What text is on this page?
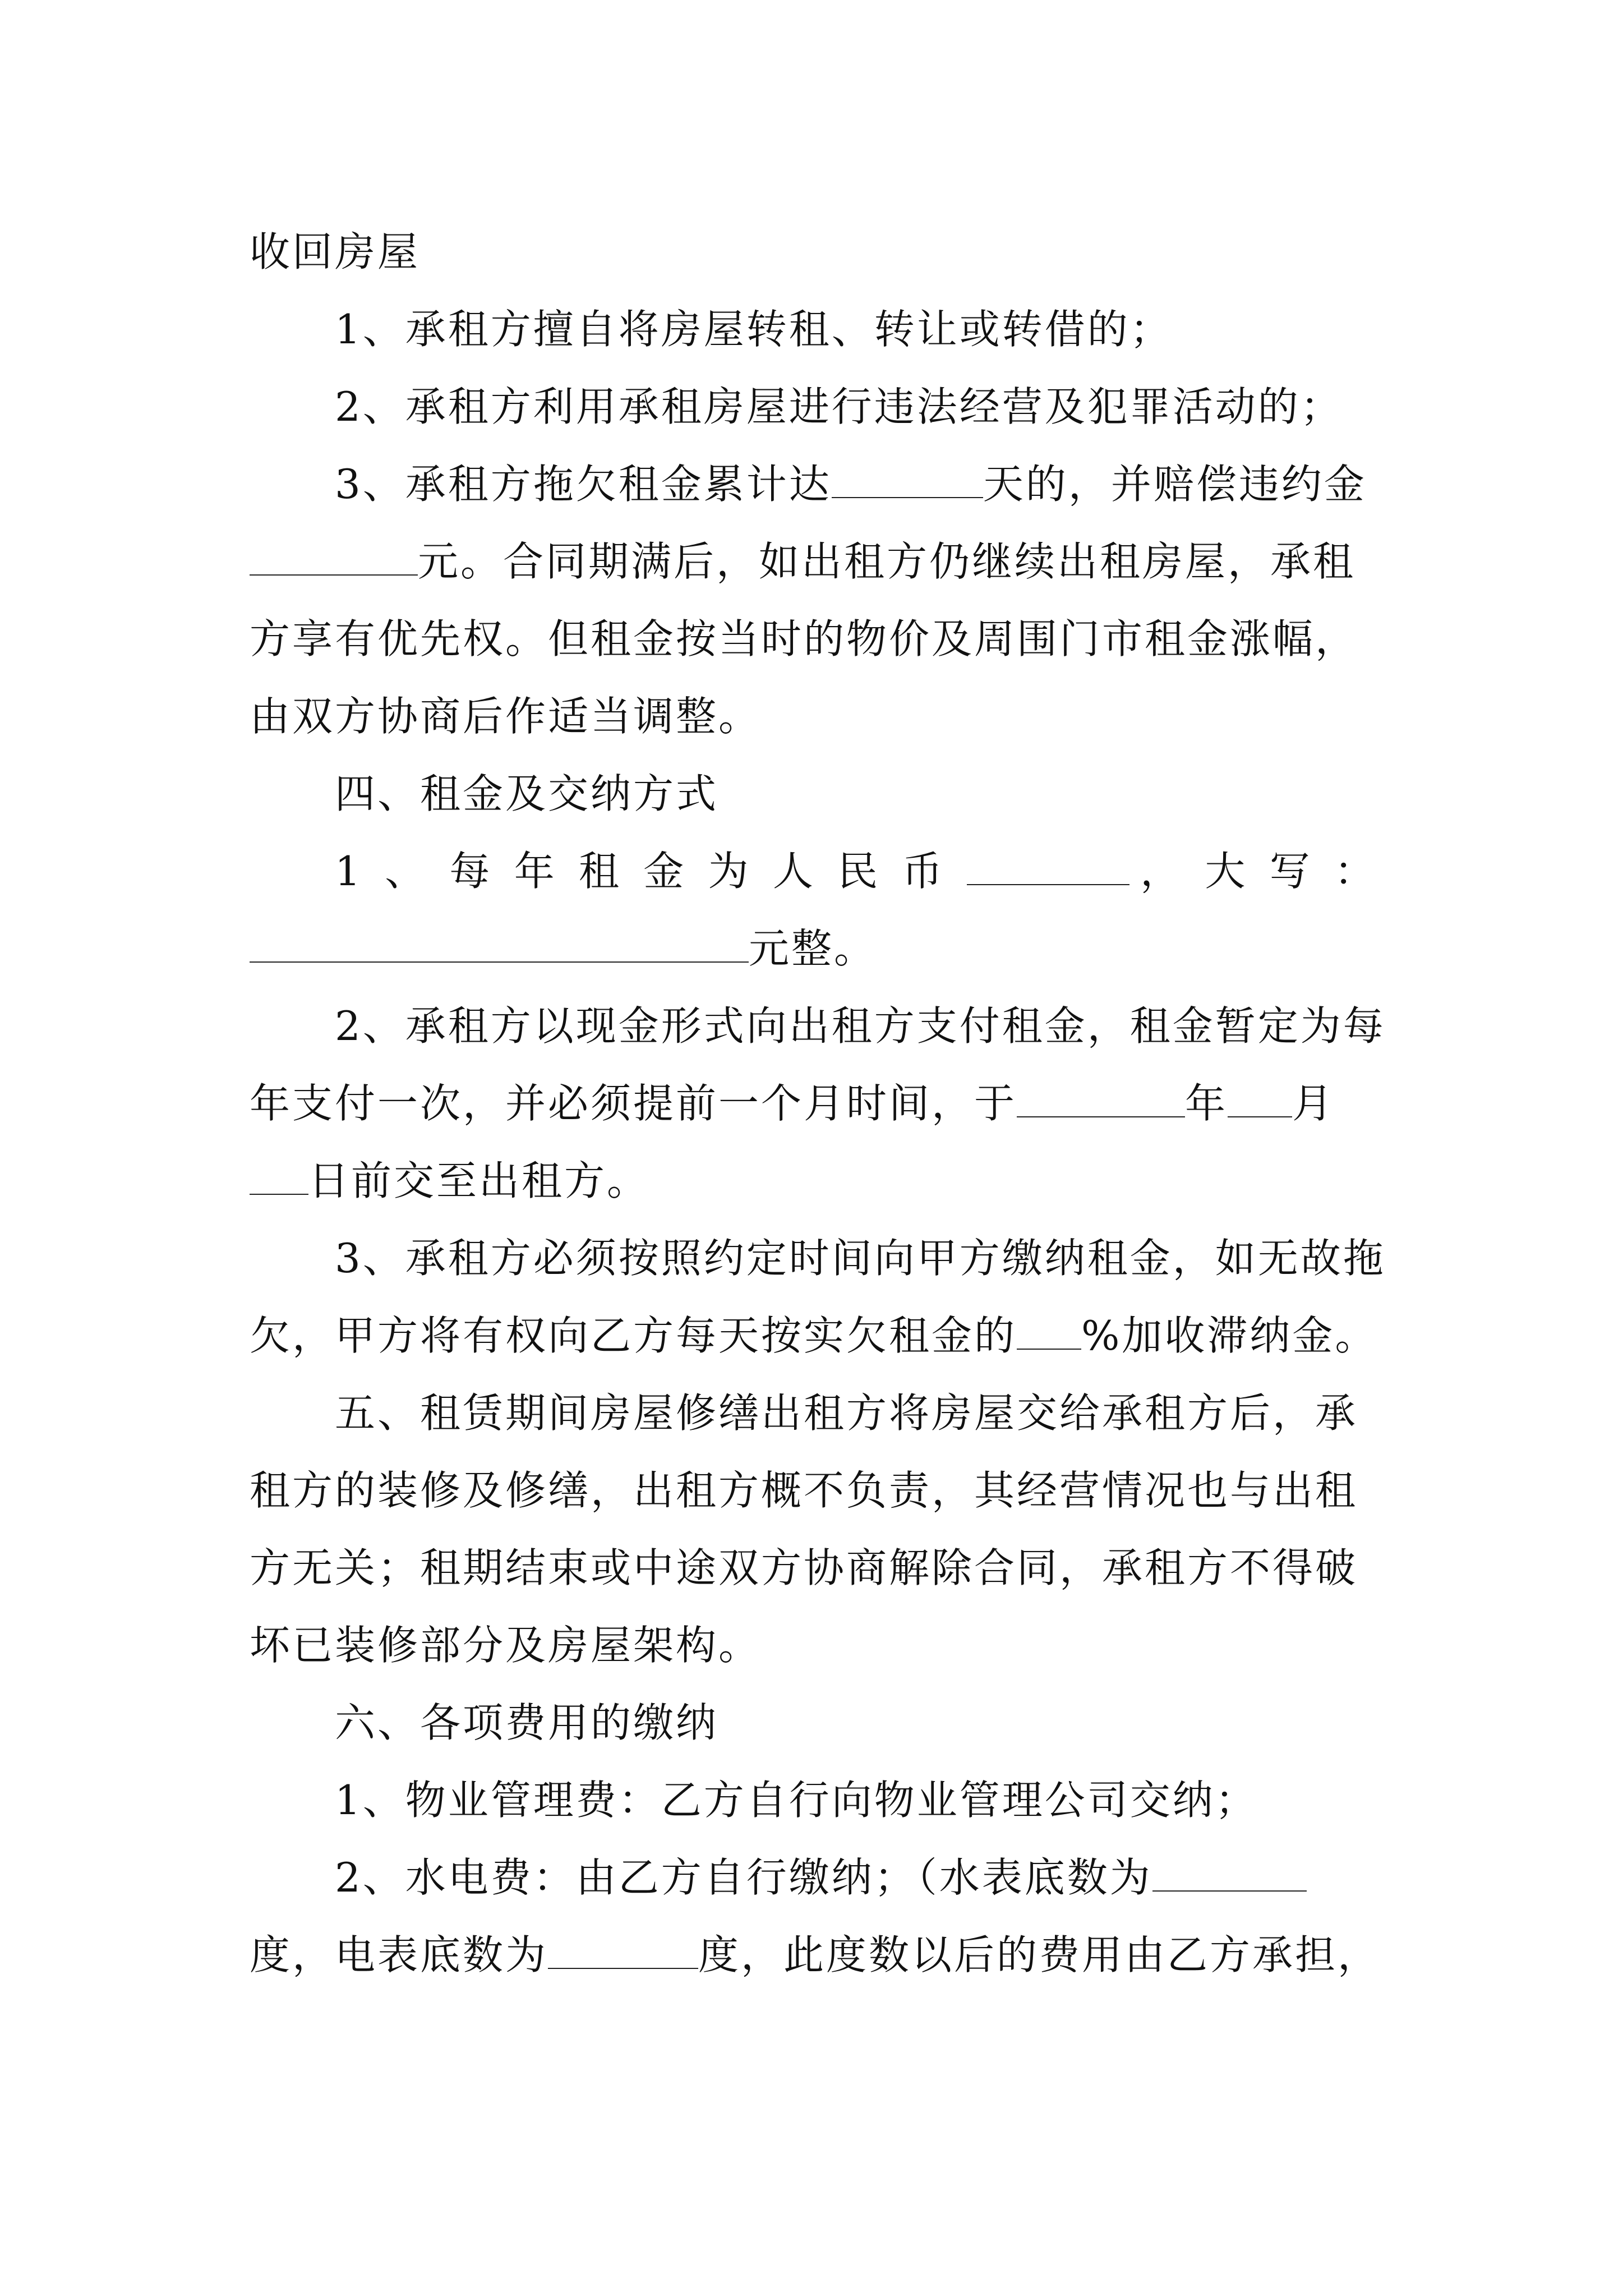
收回房屋

1、承租方擅自将房屋转租、转让或转借的；

2、承租方利用承租房屋进行违法经营及犯罪活动的；

3、承租方拖欠租金累计达	天的，并赔偿违约金元。合同期满后，如出租方仍继续出租房屋，承租方享有优先权。但租金按当时的物价及周围门市租金涨幅，由双方协商后作适当调整。

四、租金及交纳方式

1、每年租金为人民币	，大写：

元整。

2、承租方以现金形式向出租方支付租金，租金暂定为每年支付一次，并必须提前一个月时间，于	年 月日前交至出租方。

3、承租方必须按照约定时间向甲方缴纳租金，如无故拖欠，甲方将有权向乙方每天按实欠租金的 %加收滞纳金。

五、租赁期间房屋修缮出租方将房屋交给承租方后，承租方的装修及修缮，出租方概不负责，其经营情况也与出租方无关；租期结束或中途双方协商解除合同，承租方不得破坏已装修部分及房屋架构。

六、各项费用的缴纳

1、物业管理费：乙方自行向物业管理公司交纳；

2、水电费：由乙方自行缴纳；（水表底数为度，电表底数为	度，此度数以后的费用由乙方承担，
